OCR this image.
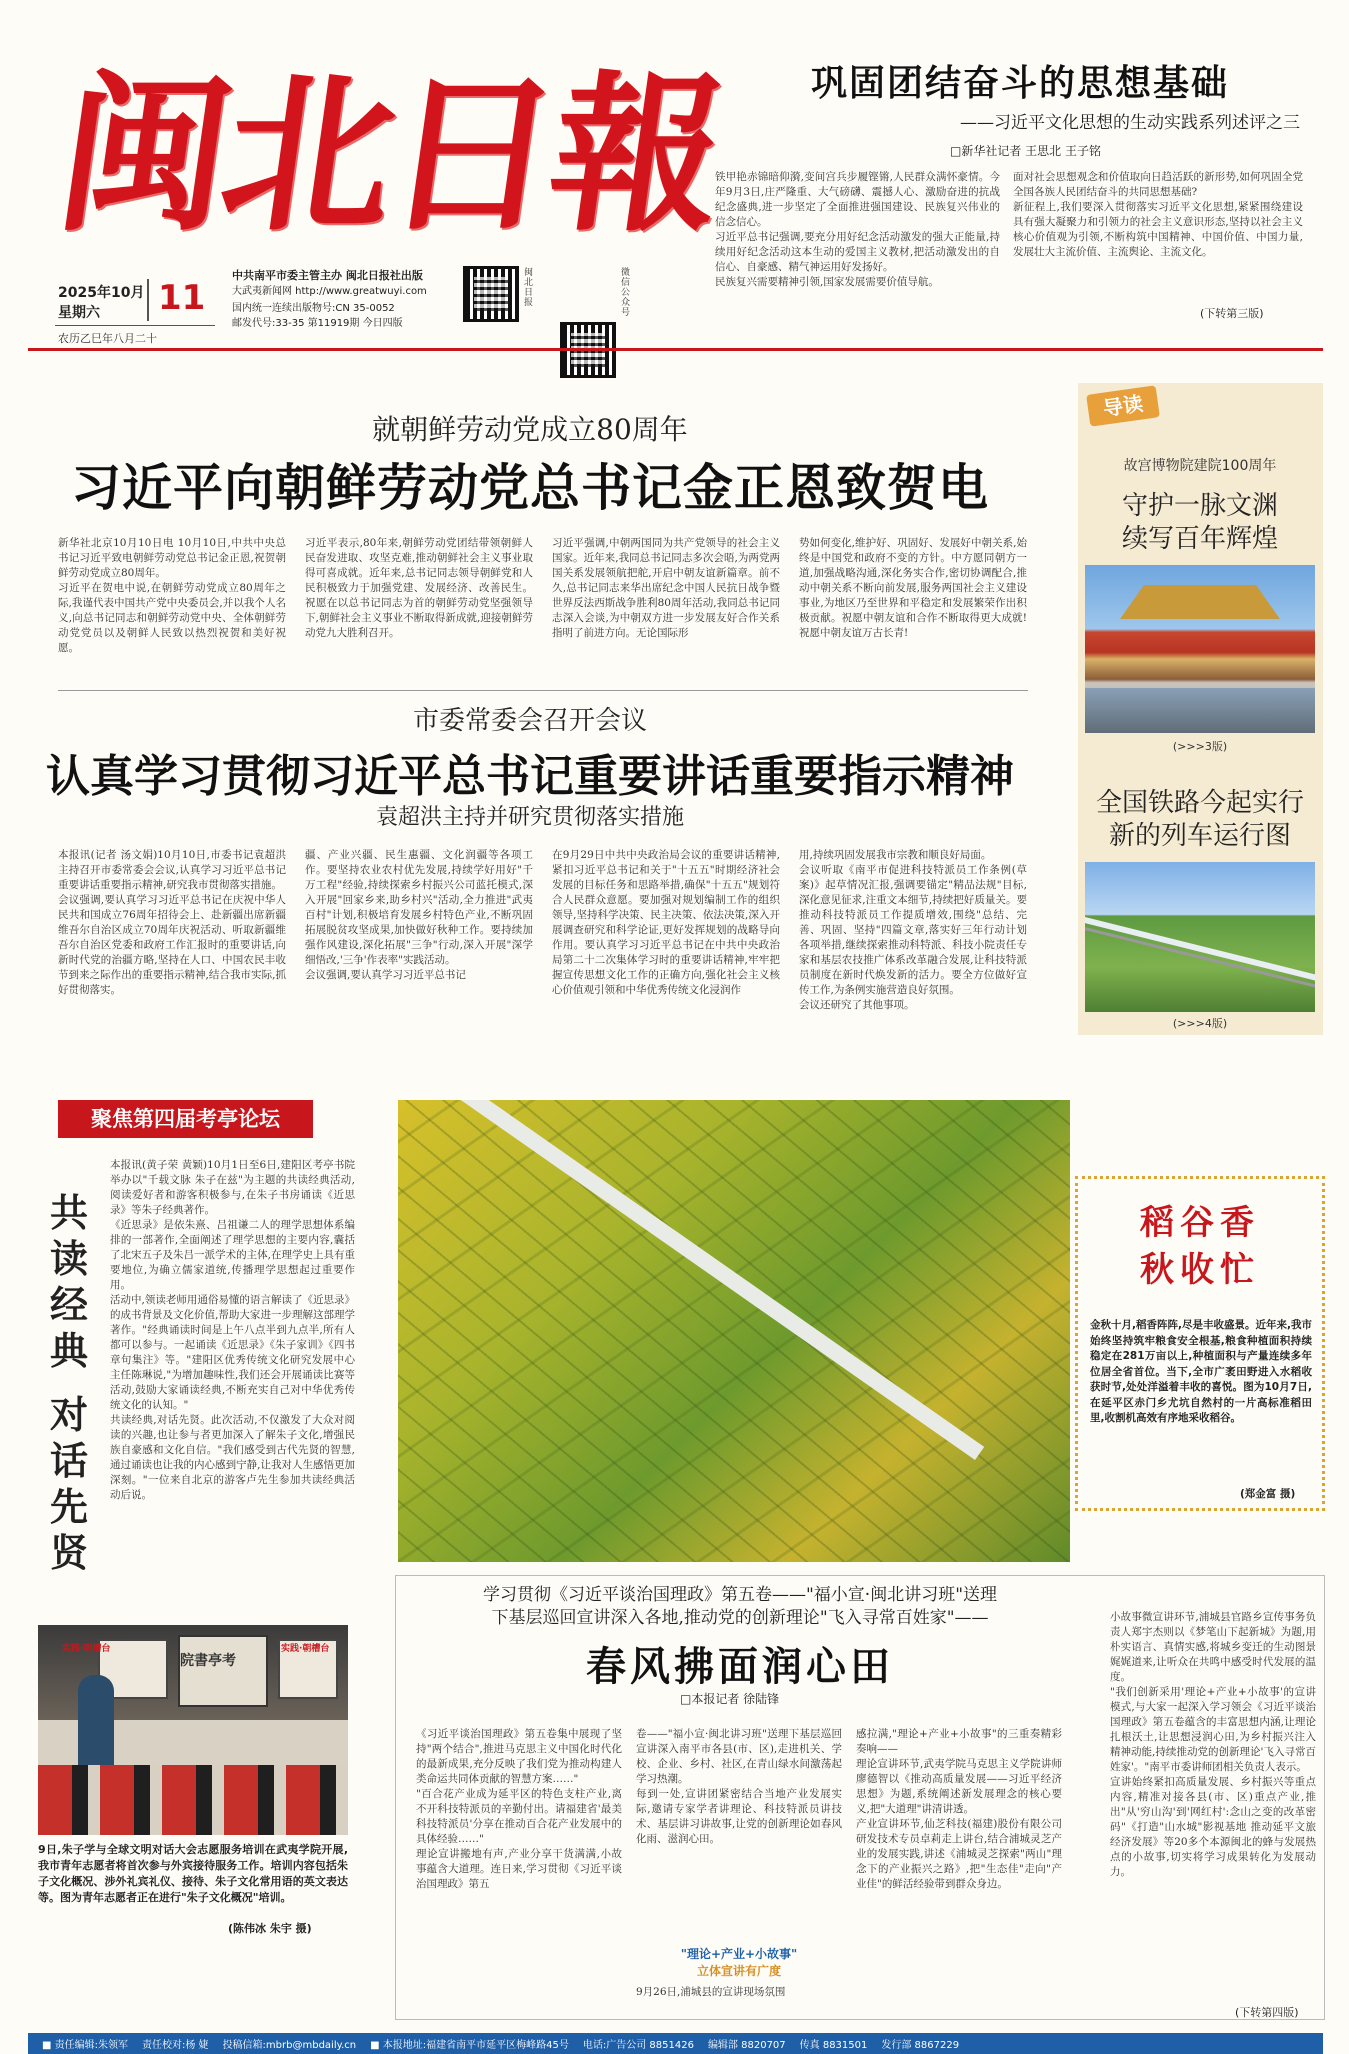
闽
北
日
報
2025年10月
星期六	11
农历乙巳年八月二十
中共南平市委主管主办 闽北日报社出版
大武夷新闻网 http://www.greatwuyi.com
国内统一连续出版物号:CN 35-0052
邮发代号:33-35 第11919期 今日四版
闽北日报
微信公众号
巩固团结奋斗的思想基础
——习近平文化思想的生动实践系列述评之三
□新华社记者 王思北 王子铭
铁甲艳赤锦暗仰漪,变间宫兵步履铿锵,人民群众满怀豪情。今年9月3日,庄严隆重、大气磅礴、震撼人心、激励奋进的抗战纪念盛典,进一步坚定了全面推进强国建设、民族复兴伟业的信念信心。
习近平总书记强调,要充分用好纪念活动激发的强大正能量,持续用好纪念活动这本生动的爱国主义教材,把活动激发出的自信心、自豪感、精气神运用好发扬好。
民族复兴需要精神引领,国家发展需要价值导航。
面对社会思想观念和价值取向日趋活跃的新形势,如何巩固全党全国各族人民团结奋斗的共同思想基础?
新征程上,我们要深入贯彻落实习近平文化思想,紧紧围绕建设具有强大凝聚力和引领力的社会主义意识形态,坚持以社会主义核心价值观为引领,不断构筑中国精神、中国价值、中国力量,发展壮大主流价值、主流舆论、主流文化。
(下转第三版)
就朝鲜劳动党成立80周年
习近平向朝鲜劳动党总书记金正恩致贺电
新华社北京10月10日电 10月10日,中共中央总书记习近平致电朝鲜劳动党总书记金正恩,祝贺朝鲜劳动党成立80周年。
习近平在贺电中说,在朝鲜劳动党成立80周年之际,我谨代表中国共产党中央委员会,并以我个人名义,向总书记同志和朝鲜劳动党中央、全体朝鲜劳动党党员以及朝鲜人民致以热烈祝贺和美好祝愿。
习近平表示,80年来,朝鲜劳动党团结带领朝鲜人民奋发进取、攻坚克难,推动朝鲜社会主义事业取得可喜成就。近年来,总书记同志领导朝鲜党和人民积极致力于加强党建、发展经济、改善民生。祝愿在以总书记同志为首的朝鲜劳动党坚强领导下,朝鲜社会主义事业不断取得新成就,迎接朝鲜劳动党九大胜利召开。
习近平强调,中朝两国同为共产党领导的社会主义国家。近年来,我同总书记同志多次会晤,为两党两国关系发展领航把舵,开启中朝友谊新篇章。前不久,总书记同志来华出席纪念中国人民抗日战争暨世界反法西斯战争胜利80周年活动,我同总书记同志深入会谈,为中朝双方进一步发展友好合作关系指明了前进方向。无论国际形
势如何变化,维护好、巩固好、发展好中朝关系,始终是中国党和政府不变的方针。中方愿同朝方一道,加强战略沟通,深化务实合作,密切协调配合,推动中朝关系不断向前发展,服务两国社会主义建设事业,为地区乃至世界和平稳定和发展繁荣作出积极贡献。祝愿中朝友谊和合作不断取得更大成就!祝愿中朝友谊万古长青!
市委常委会召开会议
认真学习贯彻习近平总书记重要讲话重要指示精神
袁超洪主持并研究贯彻落实措施
本报讯(记者 汤文娟)10月10日,市委书记袁超洪主持召开市委常委会会议,认真学习习近平总书记重要讲话重要指示精神,研究我市贯彻落实措施。
会议强调,要认真学习习近平总书记在庆祝中华人民共和国成立76周年招待会上、赴新疆出席新疆维吾尔自治区成立70周年庆祝活动、听取新疆维吾尔自治区党委和政府工作汇报时的重要讲话,向新时代党的治疆方略,坚持在人口、中国农民丰收节到来之际作出的重要指示精神,结合我市实际,抓好贯彻落实。
疆、产业兴疆、民生惠疆、文化润疆等各项工作。要坚持农业农村优先发展,持续学好用好"千万工程"经验,持续探索乡村振兴公司蓝托模式,深入开展"回家乡来,助乡村兴"活动,全力推进"武夷百村"计划,积极培育发展乡村特色产业,不断巩固拓展脱贫攻坚成果,加快做好秋种工作。要持续加强作风建设,深化拓展"三争"行动,深入开展"深学细悟改,'三争'作表率"实践活动。
会议强调,要认真学习习近平总书记
在9月29日中共中央政治局会议的重要讲话精神,紧扣习近平总书记和关于"十五五"时期经济社会发展的目标任务和思路举措,确保"十五五"规划符合人民群众意愿。要加强对规划编制工作的组织领导,坚持科学决策、民主决策、依法决策,深入开展调查研究和科学论证,更好发挥规划的战略导向作用。要认真学习习近平总书记在中共中央政治局第二十二次集体学习时的重要讲话精神,牢牢把握宣传思想文化工作的正确方向,强化社会主义核心价值观引领和中华优秀传统文化浸润作
用,持续巩固发展我市宗教和顺良好局面。
会议听取《南平市促进科技特派员工作条例(草案)》起草情况汇报,强调要锚定"精品法规"目标,深化意见征求,注重文本细节,持续把好质量关。要推动科技特派员工作提质增效,围绕"总结、完善、巩固、坚持"四篇文章,落实好三年行动计划各项举措,继续探索推动科特派、科技小院责任专家和基层农技推广体系改革融合发展,让科技特派员制度在新时代焕发新的活力。要全方位做好宣传工作,为条例实施营造良好氛围。
会议还研究了其他事项。
导读
故宫博物院建院100周年
守护一脉文渊
续写百年辉煌
(>>>3版)
全国铁路今起实行
新的列车运行图
(>>>4版)
聚焦第四届考亭论坛
共读经典
对话先贤
本报讯(黄子荣 黄颖)10月1日至6日,建阳区考亭书院举办以"千载文脉 朱子在兹"为主题的共读经典活动,阅读爱好者和游客积极参与,在朱子书房诵读《近思录》等朱子经典著作。
《近思录》是依朱熹、吕祖谦二人的理学思想体系编排的一部著作,全面阐述了理学思想的主要内容,囊括了北宋五子及朱吕一派学术的主体,在理学史上具有重要地位,为确立儒家道统,传播理学思想起过重要作用。
活动中,领读老师用通俗易懂的语言解读了《近思录》的成书背景及文化价值,帮助大家进一步理解这部理学著作。"经典诵读时间是上午八点半到九点半,所有人都可以参与。一起诵读《近思录》《朱子家训》《四书章句集注》等。"建阳区优秀传统文化研究发展中心主任陈琳说,"为增加趣味性,我们还会开展诵读比赛等活动,鼓励大家诵读经典,不断充实自己对中华优秀传统文化的认知。"
共读经典,对话先贤。此次活动,不仅激发了大众对阅读的兴趣,也让参与者更加深入了解朱子文化,增强民族自豪感和文化自信。"我们感受到古代先贤的智慧,通过诵读也让我的内心感到宁静,让我对人生感悟更加深刻。"一位来自北京的游客卢先生参加共读经典活动后说。
实践·朝槽台
院書亭考
实践·朝槽台
9日,朱子学与全球文明对话大会志愿服务培训在武夷学院开展,我市青年志愿者将首次参与外宾接待服务工作。培训内容包括朱子文化概况、涉外礼宾礼仪、接待、朱子文化常用语的英文表达等。图为青年志愿者正在进行"朱子文化概况"培训。
(陈伟冰 朱宇 摄)
稻谷香
秋收忙
金秋十月,稻香阵阵,尽是丰收盛景。近年来,我市始终坚持筑牢粮食安全根基,粮食种植面积持续稳定在281万亩以上,种植面积与产量连续多年位居全省首位。当下,全市广袤田野进入水稻收获时节,处处洋溢着丰收的喜悦。图为10月7日,在延平区赤门乡尤坑自然村的一片高标准稻田里,收割机高效有序地采收稻谷。
(郑金富 摄)
学习贯彻《习近平谈治国理政》第五卷——"福小宣·闽北讲习班"送理
下基层巡回宣讲深入各地,推动党的创新理论"飞入寻常百姓家"——
春风拂面润心田
□本报记者 徐陆锋
《习近平谈治国理政》第五卷集中展现了坚持"两个结合",推进马克思主义中国化时代化的最新成果,充分反映了我们党为推动构建人类命运共同体贡献的智慧方案……"
"百合花产业成为延平区的特色支柱产业,离不开科技特派员的辛勤付出。请福建省'最美科技特派员'分享在推动百合花产业发展中的具体经验……"
理论宣讲搬地有声,产业分享干货满满,小故事蕴含大道理。连日来,学习贯彻《习近平谈治国理政》第五
卷——"福小宣·闽北讲习班"送理下基层巡回宣讲深入南平市各县(市、区),走进机关、学校、企业、乡村、社区,在青山绿水间激荡起学习热潮。
每到一处,宣讲团紧密结合当地产业发展实际,邀请专家学者讲理论、科技特派员讲技术、基层讲习讲故事,让党的创新理论如春风化雨、滋润心田。
"理论+产业+小故事"
立体宣讲有广度
9月26日,浦城县的宣讲现场氛围
感拉满,"理论+产业+小故事"的三重奏精彩奏响——
理论宣讲环节,武夷学院马克思主义学院讲师廖德智以《推动高质量发展——习近平经济思想》为题,系统阐述新发展理念的核心要义,把"大道理"讲清讲透。
产业宣讲环节,仙芝科技(福建)股份有限公司研发技术专员卓莉走上讲台,结合浦城灵芝产业的发展实践,讲述《浦城灵芝探索"两山"理念下的产业振兴之路》,把"生态佳"走向"产业佳"的鲜活经验带到群众身边。
小故事微宣讲环节,浦城县官路乡宣传事务负责人郑宇杰则以《梦笔山下起新城》为题,用朴实语言、真情实感,将城乡变迁的生动图景娓娓道来,让听众在共鸣中感受时代发展的温度。
"我们创新采用'理论+产业+小故事'的宣讲模式,与大家一起深入学习领会《习近平谈治国理政》第五卷蕴含的丰富思想内涵,让理论扎根沃土,让思想浸润心田,为乡村振兴注入精神动能,持续推动党的创新理论'飞入寻常百姓家'。"南平市委讲师团相关负责人表示。
宣讲始终紧扣高质量发展、乡村振兴等重点内容,精准对接各县(市、区)重点产业,推出"从'穷山沟'到'网红村':念山之变的改革密码"《打造"山水城"影视基地 推动延平文旅经济发展》等20多个本源闽北的蜂与发展热点的小故事,切实将学习成果转化为发展动力。
(下转第四版)
■ 责任编辑:朱领军 责任校对:杨 婕 投稿信箱:mbrb@mbdaily.cn ■ 本报地址:福建省南平市延平区梅峰路45号 电话:广告公司 8851426 编辑部 8820707 传真 8831501 发行部 8867229
